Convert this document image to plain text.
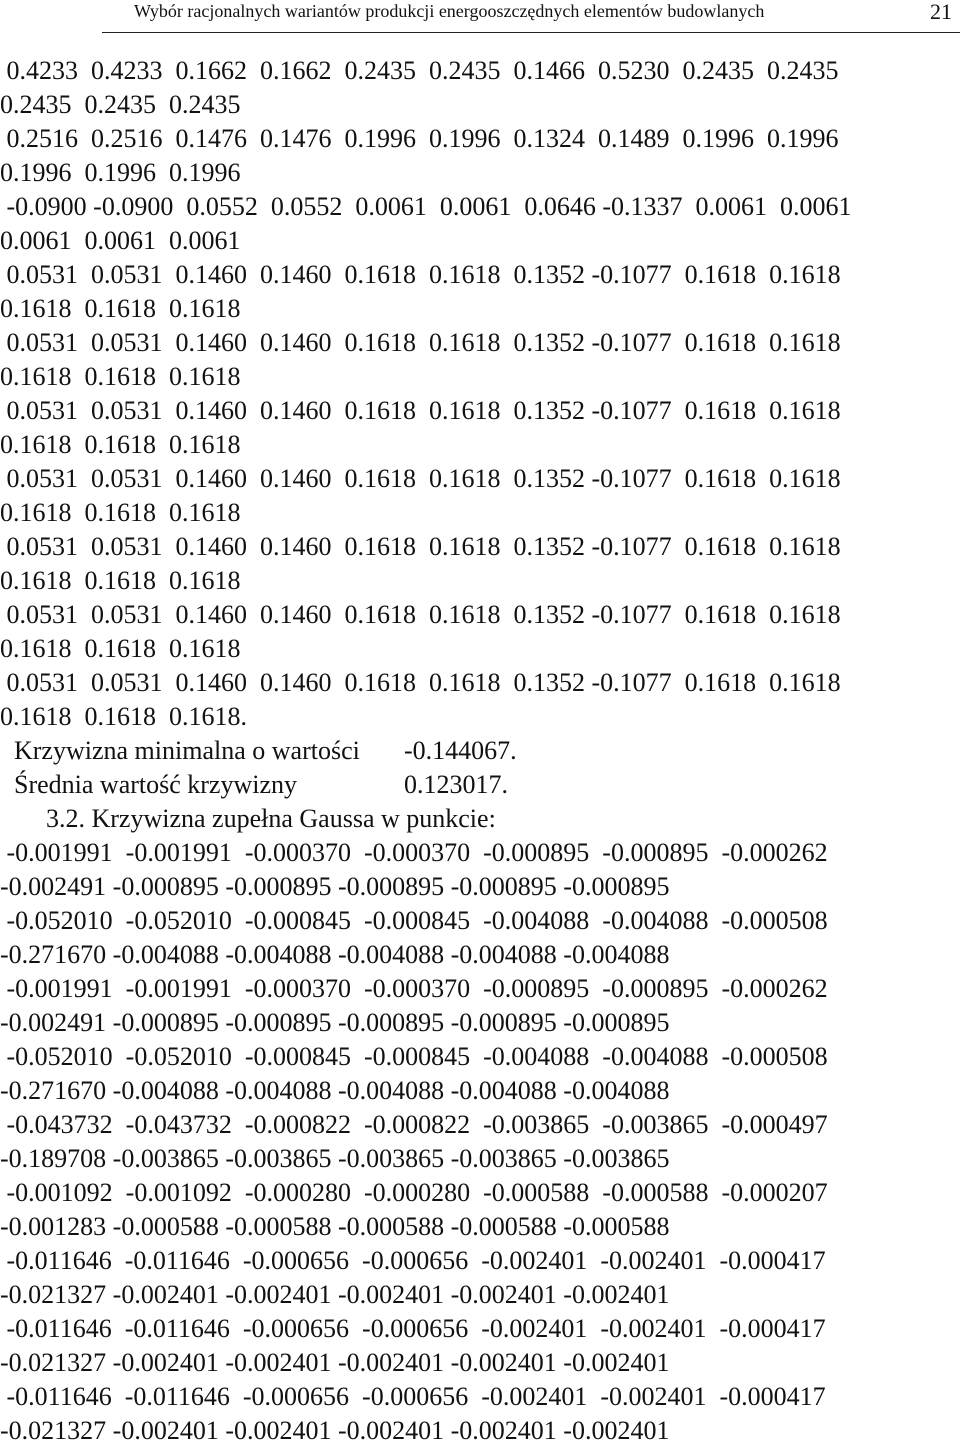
Wybór racjonalnych wariantów produkcji energooszczędnych elementów budowlanych	21
0.4233  0.4233  0.1662  0.1662  0.2435  0.2435  0.1466  0.5230  0.2435  0.2435
0.2435  0.2435  0.2435
0.2516  0.2516  0.1476  0.1476  0.1996  0.1996  0.1324  0.1489  0.1996  0.1996
0.1996  0.1996  0.1996
-0.0900 -0.0900  0.0552  0.0552  0.0061  0.0061  0.0646 -0.1337  0.0061  0.0061
0.0061  0.0061  0.0061
0.0531  0.0531  0.1460  0.1460  0.1618  0.1618  0.1352 -0.1077  0.1618  0.1618
0.1618  0.1618  0.1618
0.0531  0.0531  0.1460  0.1460  0.1618  0.1618  0.1352 -0.1077  0.1618  0.1618
0.1618  0.1618  0.1618
0.0531  0.0531  0.1460  0.1460  0.1618  0.1618  0.1352 -0.1077  0.1618  0.1618
0.1618  0.1618  0.1618
0.0531  0.0531  0.1460  0.1460  0.1618  0.1618  0.1352 -0.1077  0.1618  0.1618
0.1618  0.1618  0.1618
0.0531  0.0531  0.1460  0.1460  0.1618  0.1618  0.1352 -0.1077  0.1618  0.1618
0.1618  0.1618  0.1618
0.0531  0.0531  0.1460  0.1460  0.1618  0.1618  0.1352 -0.1077  0.1618  0.1618
0.1618  0.1618  0.1618
0.0531  0.0531  0.1460  0.1460  0.1618  0.1618  0.1352 -0.1077  0.1618  0.1618
0.1618  0.1618  0.1618.
Krzywizna minimalna o wartości -0.144067.
Średnia wartość krzywizny	0.123017.
3.2. Krzywizna zupełna Gaussa w punkcie:
-0.001991  -0.001991  -0.000370  -0.000370  -0.000895  -0.000895  -0.000262
-0.002491 -0.000895 -0.000895 -0.000895 -0.000895 -0.000895
-0.052010  -0.052010  -0.000845  -0.000845  -0.004088  -0.004088  -0.000508
-0.271670 -0.004088 -0.004088 -0.004088 -0.004088 -0.004088
-0.001991  -0.001991  -0.000370  -0.000370  -0.000895  -0.000895  -0.000262
-0.002491 -0.000895 -0.000895 -0.000895 -0.000895 -0.000895
-0.052010  -0.052010  -0.000845  -0.000845  -0.004088  -0.004088  -0.000508
-0.271670 -0.004088 -0.004088 -0.004088 -0.004088 -0.004088
-0.043732  -0.043732  -0.000822  -0.000822  -0.003865  -0.003865  -0.000497
-0.189708 -0.003865 -0.003865 -0.003865 -0.003865 -0.003865
-0.001092  -0.001092  -0.000280  -0.000280  -0.000588  -0.000588  -0.000207
-0.001283 -0.000588 -0.000588 -0.000588 -0.000588 -0.000588
-0.011646  -0.011646  -0.000656  -0.000656  -0.002401  -0.002401  -0.000417
-0.021327 -0.002401 -0.002401 -0.002401 -0.002401 -0.002401
-0.011646  -0.011646  -0.000656  -0.000656  -0.002401  -0.002401  -0.000417
-0.021327 -0.002401 -0.002401 -0.002401 -0.002401 -0.002401
-0.011646  -0.011646  -0.000656  -0.000656  -0.002401  -0.002401  -0.000417
-0.021327 -0.002401 -0.002401 -0.002401 -0.002401 -0.002401
